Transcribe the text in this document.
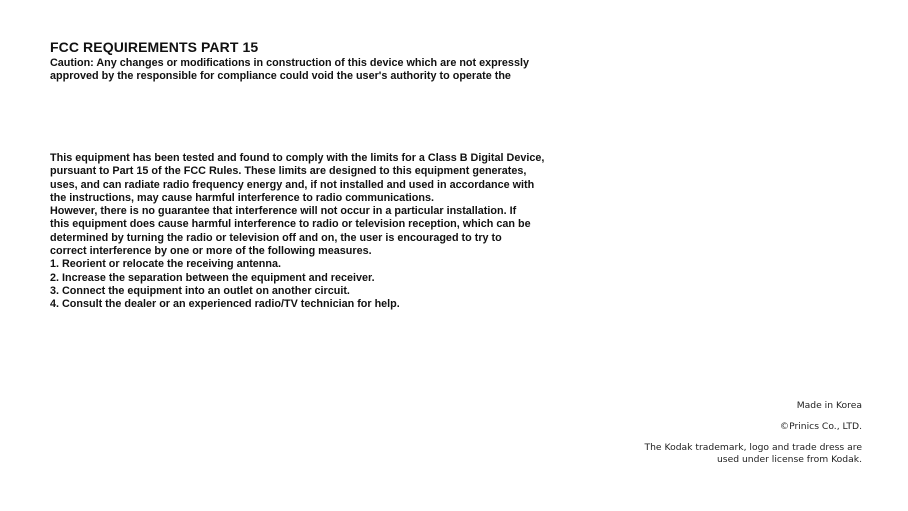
FCC REQUIREMENTS PART 15
Caution: Any changes or modifications in construction of this device which are not expressly
approved by the responsible for compliance could void the user's authority to operate the
This equipment has been tested and found to comply with the limits for a Class B Digital Device,
pursuant to Part 15 of the FCC Rules. These limits are designed to this equipment generates,
uses, and can radiate radio frequency energy and, if not installed and used in accordance with
the instructions, may cause harmful interference to radio communications.
However, there is no guarantee that interference will not occur in a particular installation. If
this equipment does cause harmful interference to radio or television reception, which can be
determined by turning the radio or television off and on, the user is encouraged to try to
correct interference by one or more of the following measures.
1. Reorient or relocate the receiving antenna.
2. Increase the separation between the equipment and receiver.
3. Connect the equipment into an outlet on another circuit.
4. Consult the dealer or an experienced radio/TV technician for help.
Made in Korea
©Prinics Co., LTD.
The Kodak trademark, logo and trade dress are
used under license from Kodak.
